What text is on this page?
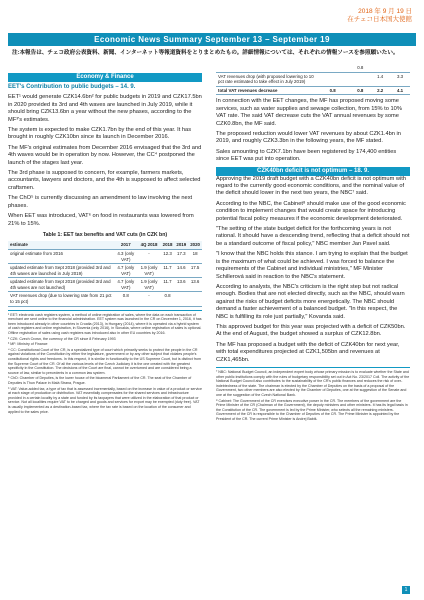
2018 年 9 月 19 日
在チェコ日本国大使館
Economic News Summary September 13 – September 19
注:本報告は、チェコ政府公表資料、新聞、インターネット等報道資料をとりまとめたもの。詳細情報については、それぞれの情報ソースを参照願いたい。
Economy & Finance
EET's Contribution to public budgets – 14. 9.

EET¹ would generate CZK14.6bn² for public budgets in 2019 and CZK17.5bn in 2020 provided its 3rd and 4th waves are launched in July 2019, while it should bring CZK13.6bn a year without the new phases, according to the MF³'s estimates.

The system is expected to make CZK1.7bn by the end of this year. It has brought in roughly CZK10bn since its launch in December 2016.

The MF's original estimates from December 2016 envisaged that the 3rd and 4th waves would be in operation by now. However, the CC⁴ postponed the launch of the stages last year.

The 3rd phase is supposed to concern, for example, farmers markets, accountants, lawyers and doctors, and the 4th is supposed to affect selected craftsmen.

The ChO⁵ is currently discussing an amendment to law involving the next phases.

When EET was introduced, VAT⁶ on food in restaurants was lowered from 21% to 15%.

Table 1: EET tax benefits and VAT cuts (in CZK bn)
estimate	2017	4Q 2018	2018	2019	2020
original estimate from 2016	4.3 (only VAT)	-	12.3	17.3	18
updated estimate from Sept 2018 (provided 3rd and 4th waves are launched in July 2019)	4.7 (only VAT)	1.9 (only VAT)	11.7	14.6	17.5
updated estimate from Sept 2018 (provided 3rd and 4th waves are not launched)	4.7 (only VAT)	1.9 (only VAT)	11.7	13.6	13.6
VAT revenues drop (due to lowering rate from 21 pct to 15 pct)	0.8	-	0.8		

¹ EET: electronic cash registers system, a method of online registration of sales, where the data on each transaction of merchant are sent online to the financial administration. EET system was launched in the CR on December 1, 2016, it has been introduced already in other countries in Croatia (2013), in Hungary (2014), where it is operated via a hybrid system of cash registers and online registration, in Slovenia (only 2016), in Slovakia, where online registration of sales is optional. Offline registration of sales using cash registers was introduced also in other EU countries by 2016.

² CZK: Czech Crown, the currency of the CR since 8 February 1993

³ MF: Ministry of Finance

⁴ CC: Constitutional Court of the CR, is a specialized type of court which primarily seeks to protect the people in the CR against violations of the Constitution by either the legislature, government or by any other subject that violates people's constitutional rights and freedoms. In this respect, it is similar in functionality to the US Supreme Court, but is distinct from the Supreme Court of the CR. Of all the various levels of the Czech Judiciary it is the one created with the greatest specificity in the Constitution. The decisions of the Court are final, cannot be overturned and are considered being a source of law, similar to precedents in a common law system.

⁵ ChD: Chamber of Deputies, is the lower house of the bicameral Parliament of the CR. The seat of the Chamber of Deputies is Thun Palace in Malá Strana, Prague.

⁶ VAT: Value-added tax, a type of tax that is assessed incrementally, based on the increase in value of a product or service at each stage of production or distribution. VAT essentially compensates for the shared services and infrastructure provided in a certain locality by a state and funded by its taxpayers that were utilized in the elaboration of that product or service. Not all localities require VAT to be charged and goods and services for export may be exempted (duty free). VAT is usually implemented as a destination-based tax, where the tax rate is based on the location of the consumer and applied to the sales price.

			0.8		
VAT revenues drop (with proposed lowering to 10 pct rate estimated to take effect in July 2019)				1.4	3.3
total VAT revenues decrease	0.8		0.8	2.2	4.1

In connection with the EET changes, the MF has proposed moving some services, such as water supplies and sewage collection, from 15% to 10% VAT rate. The said VAT decrease cuts the VAT annual revenues by some CZK0.8bn, the MF said.

The proposed reduction would lower VAT revenues by about CZK1.4bn in 2019, and roughly CZK3.3bn in the following years, the MF stated.

Sales amounting to CZK7.1bn have been registered by 174,400 entities since EET was put into operation.

CZK40bn deficit is not optimum – 18. 9.

Approving the 2019 draft budget with a CZK40bn deficit is not optimum with regard to the currently good economic conditions, and the nominal value of the deficit should lower in the next two years, the NBC⁷ said.

According to the NBC, the Cabinet⁸ should make use of the good economic condition to implement changes that would create space for introducing potential fiscal policy measures if the economic development deteriorated.

"The setting of the state budget deficit for the forthcoming years is not rational. It should have a descending trend, reflecting that a deficit should not be a standard outcome of fiscal policy," NBC member Jan Pavel said.

"I know that the NBC holds this stance. I am trying to explain that the budget is the maximum of what could be achieved. I was forced to balance the requirements of the Cabinet and individual ministries," MF Minister Schillerová said in reaction to the NBC's statement.

According to analysts, the NBC's criticism is the right step but not radical enough. Bodies that are not elected directly, such as the NBC, should warn against the risks of budget deficits more energetically. The NBC should demand a faster achievement of a balanced budget. "In this respect, the NBC is fulfilling its role just partially," Kovanda said.

This approved budget for this year was projected with a deficit of CZK50bn. At the end of August, the budget showed a surplus of CZK12.8bn.

The MF has proposed a budget with the deficit of CZK40bn for next year, with total expenditures projected at CZK1,505bn and revenues at CZK1,465bn.

⁷ NBC: National Budget Council, an independent expert body whose primary mission is to evaluate whether the State and other public institutions comply with the rules of budgetary responsibility set out in Act No. 23/2017 Coll. The activity of the National Budget Council also contributes to the sustainability of the CR's public finances and reduces the risk of over-indebtedness of the state. The chairman is elected by the Chamber of Deputies on the basis of a proposal of the Government, two other members are also elected by the Chamber of Deputies, one at the suggestion of the Senate and one at the suggestion of the Czech National Bank.

⁸ Cabinet: The Government of the CR exercises executive power in the CR. The members of the government are the Prime Minister of the CR (Chairman of the Government), the deputy ministers and other ministers. It has its legal basis in the Constitution of the CR. The government is led by the Prime Minister, who selects all the remaining ministers. Government of the CR is responsible to the Chamber of Deputies of the CR. The Prime Minister is appointed by the President of the CR. The current Prime Minister is Andrej Babiš.

1
